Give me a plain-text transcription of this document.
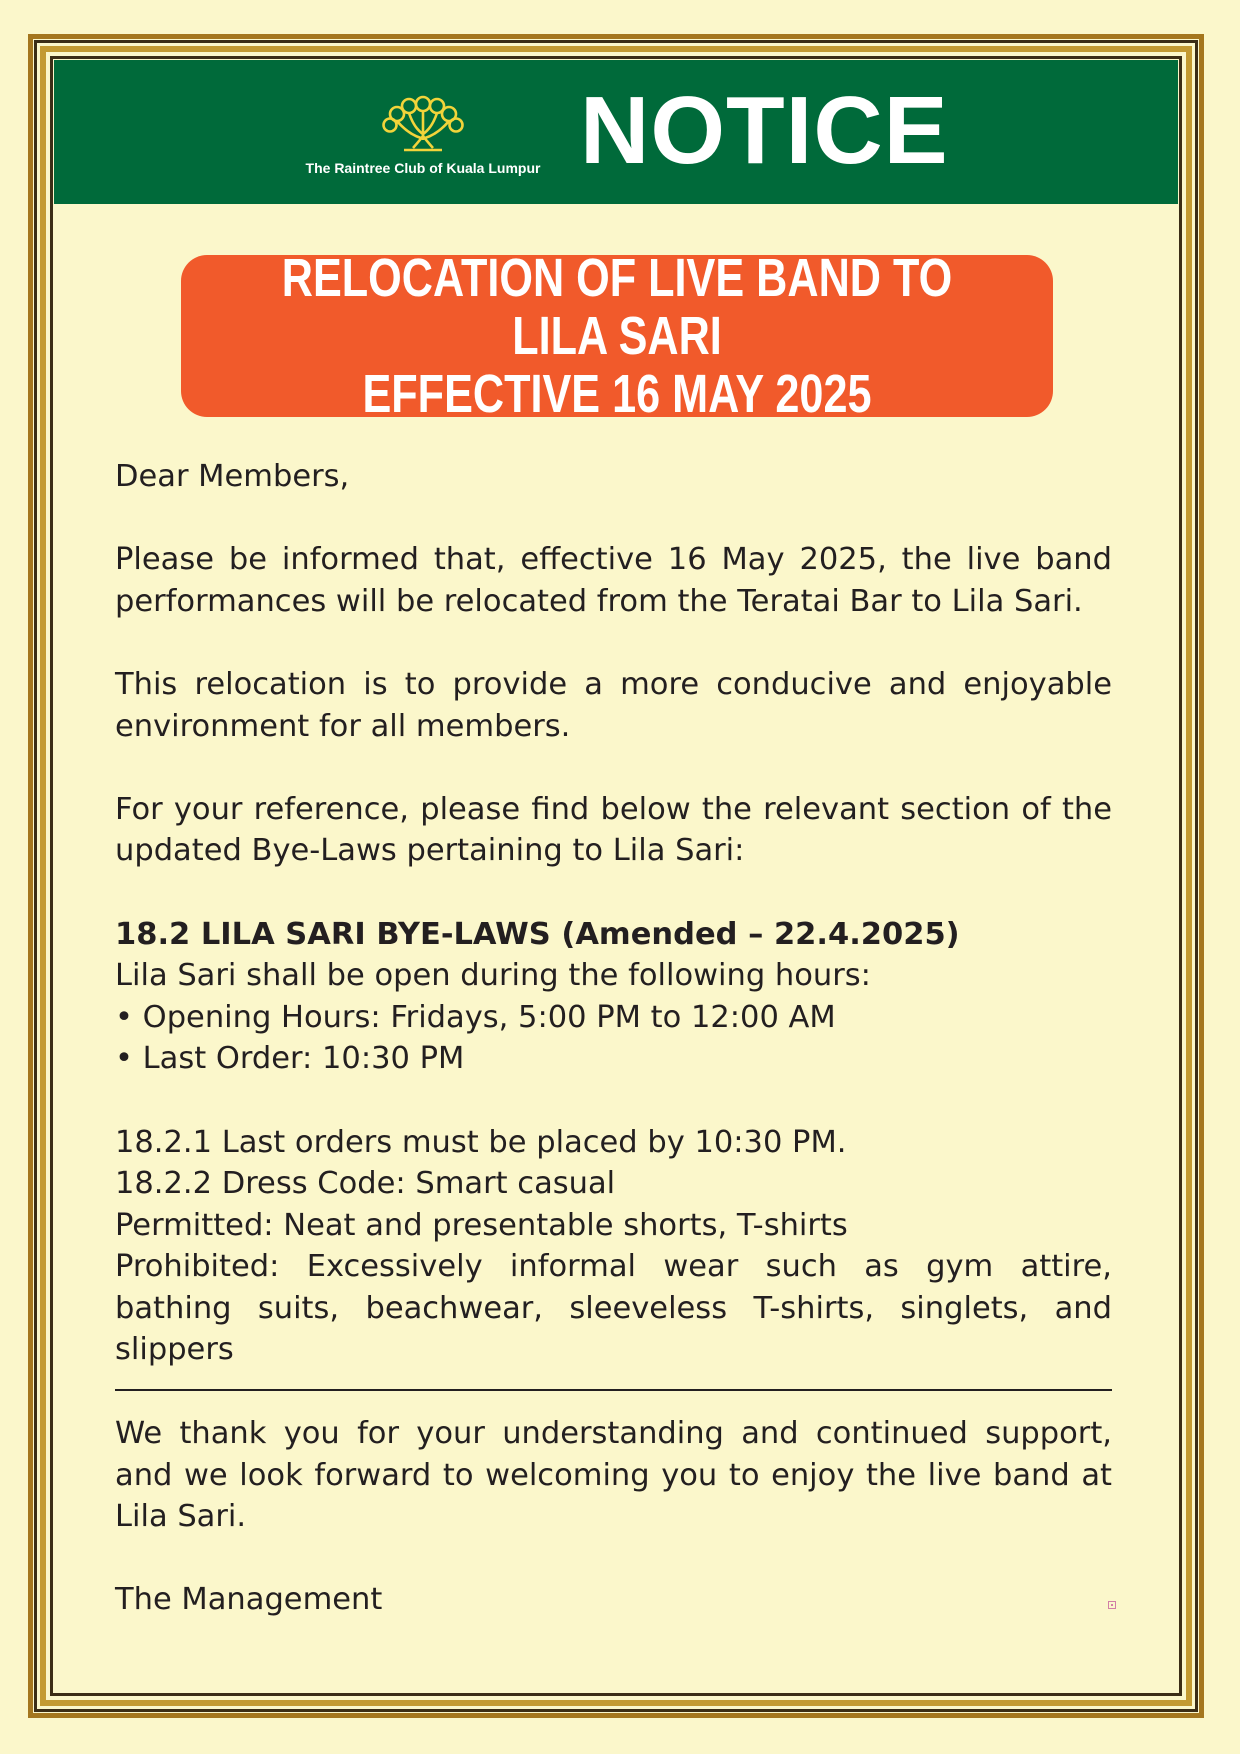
The Raintree Club of Kuala Lumpur NOTICE
RELOCATION OF LIVE BAND TO LILA SARI
EFFECTIVE 16 MAY 2025

Dear Members,

Please be informed that, effective 16 May 2025, the live band performances will be relocated from the Teratai Bar to Lila Sari.

This relocation is to provide a more conducive and enjoyable environment for all members.

For your reference, please find below the relevant section of the updated Bye-Laws pertaining to Lila Sari:

18.2 LILA SARI BYE-LAWS (Amended – 22.4.2025)

Lila Sari shall be open during the following hours:

• Opening Hours: Fridays, 5:00 PM to 12:00 AM

• Last Order: 10:30 PM

18.2.1 Last orders must be placed by 10:30 PM.

18.2.2 Dress Code: Smart casual

Permitted: Neat and presentable shorts, T-shirts

Prohibited: Excessively informal wear such as gym attire, bathing suits, beachwear, sleeveless T-shirts, singlets, and slippers

We thank you for your understanding and continued support, and we look forward to welcoming you to enjoy the live band at Lila Sari.

The Management
